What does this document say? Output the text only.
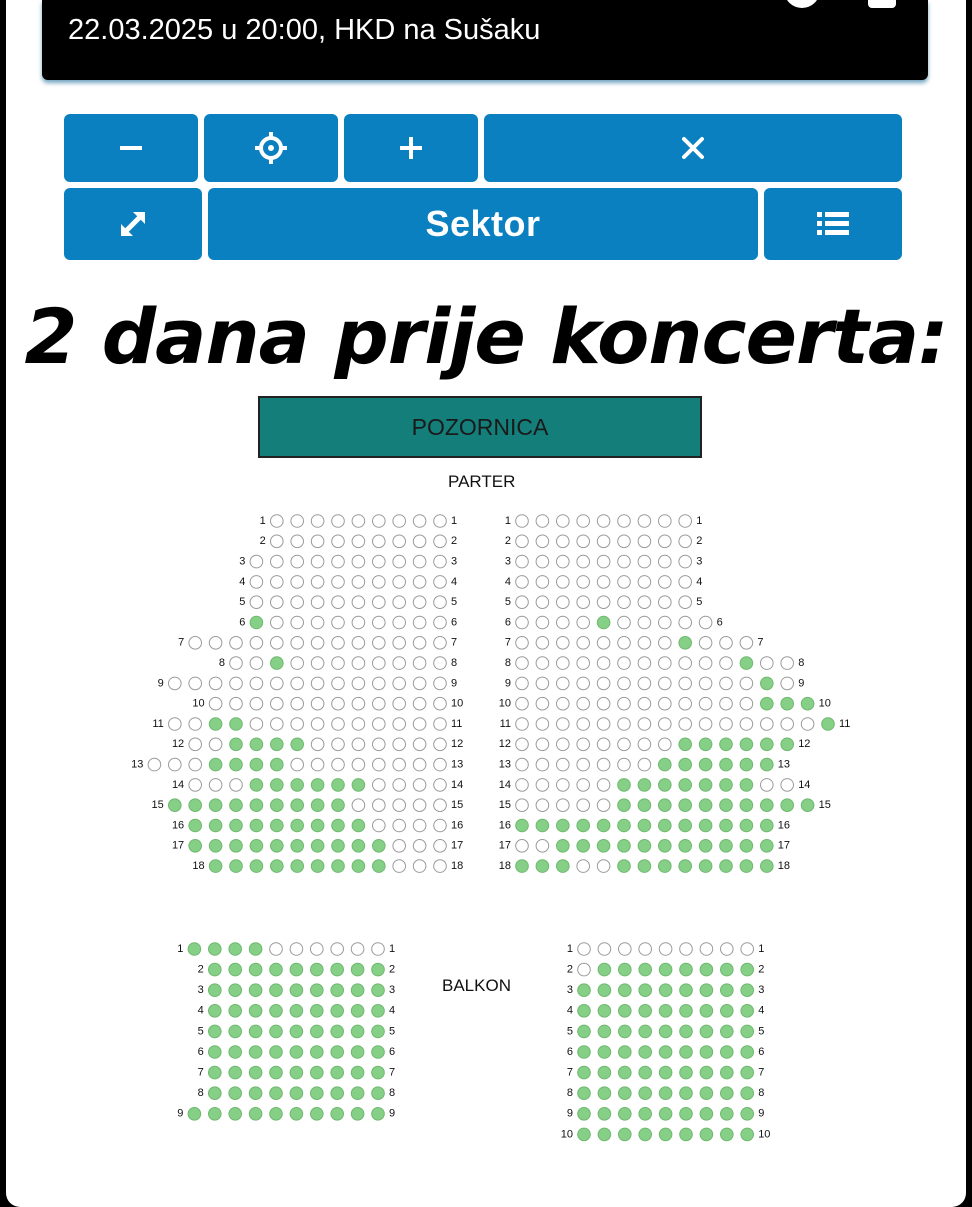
22.03.2025 u 20:00, HKD na Sušaku
Sektor
2 dana prije koncerta:
POZORNICA
PARTER
BALKON
1	1
2	2
3	3
4	4
5	5
6	6
7	7
8	8
9	9
10	10
11	11
12	12
13	13
14	14
15	15
16	16
17	17
18	18
1	1
2	2
3	3
4	4
5	5
6	6
7	7
8	8
9	9
10	10
11	11
12	12
13	13
14	14
15	15
16	16
17	17
18	18
1	1
2	2
3	3
4	4
5	5
6	6
7	7
8	8
9	9
1	1
2	2
3	3
4	4
5	5
6	6
7	7
8	8
9	9
10	10
